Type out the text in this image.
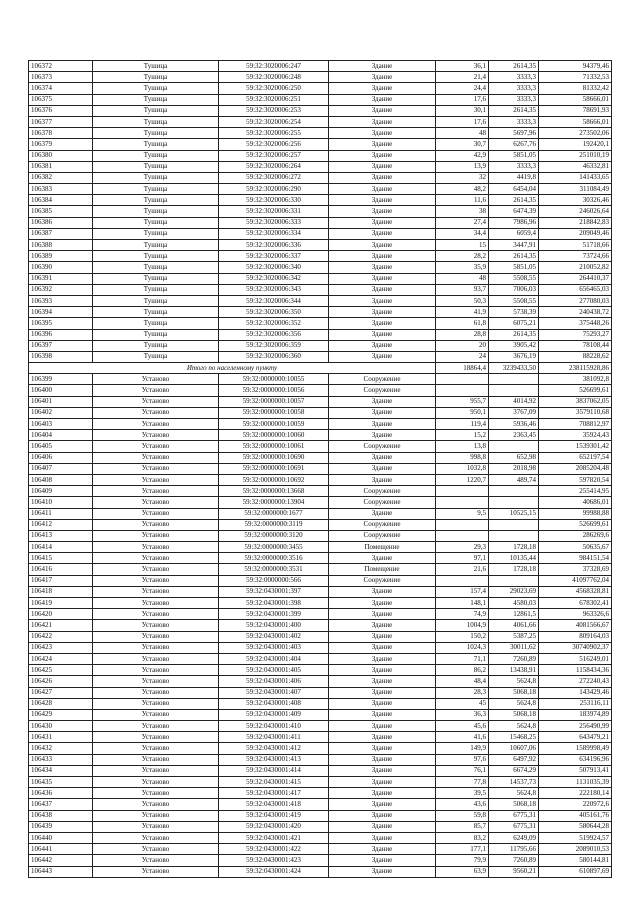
106372	Тушица	59:32:3020006:247	Здание	36,1	2614,35	94379,46
106373	Тушица	59:32:3020006:248	Здание	21,4	3333,3	71332,53
106374	Тушица	59:32:3020006:250	Здание	24,4	3333,3	81332,42
106375	Тушица	59:32:3020006:251	Здание	17,6	3333,3	58666,01
106376	Тушица	59:32:3020006:253	Здание	30,1	2614,35	78691,93
106377	Тушица	59:32:3020006:254	Здание	17,6	3333,3	58666,01
106378	Тушица	59:32:3020006:255	Здание	48	5697,96	273502,06
106379	Тушица	59:32:3020006:256	Здание	30,7	6267,76	192420,1
106380	Тушица	59:32:3020006:257	Здание	42,9	5851,05	251010,19
106381	Тушица	59:32:3020006:264	Здание	13,9	3333,3	46332,81
106382	Тушица	59:32:3020006:272	Здание	32	4419,8	141433,65
106383	Тушица	59:32:3020006:290	Здание	48,2	6454,04	311084,49
106384	Тушица	59:32:3020006:330	Здание	11,6	2614,35	30326,46
106385	Тушица	59:32:3020006:331	Здание	38	6474,39	246026,64
106386	Тушица	59:32:3020006:333	Здание	27,4	7986,96	218842,83
106387	Тушица	59:32:3020006:334	Здание	34,4	6059,4	209049,46
106388	Тушица	59:32:3020006:336	Здание	15	3447,91	51718,66
106389	Тушица	59:32:3020006:337	Здание	28,2	2614,35	73724,66
106390	Тушица	59:32:3020006:340	Здание	35,9	5851,05	210052,82
106391	Тушица	59:32:3020006:342	Здание	48	5508,55	264410,37
106392	Тушица	59:32:3020006:343	Здание	93,7	7006,03	656465,03
106393	Тушица	59:32:3020006:344	Здание	50,3	5508,55	277080,03
106394	Тушица	59:32:3020006:350	Здание	41,9	5738,39	240438,72
106395	Тушица	59:32:3020006:352	Здание	61,8	6075,21	375448,26
106396	Тушица	59:32:3020006:356	Здание	28,8	2614,35	75293,27
106397	Тушица	59:32:3020006:359	Здание	20	3905,42	78108,44
106398	Тушица	59:32:3020006:360	Здание	24	3676,19	88228,62
Итого по населенному пункту				18864,4	3239433,50	238115928,86
106399	Установо	59:32:0000000:10055	Сооружение			381092,8
106400	Установо	59:32:0000000:10056	Сооружение			526699,61
106401	Установо	59:32:0000000:10057	Здание	955,7	4014,92	3837062,05
106402	Установо	59:32:0000000:10058	Здание	950,1	3767,09	3579110,68
106403	Установо	59:32:0000000:10059	Здание	119,4	5936,46	708812,97
106404	Установо	59:32:0000000:10060	Здание	15,2	2363,45	35924,43
106405	Установо	59:32:0000000:10061	Сооружение	13,8		1539301,42
106406	Установо	59:32:0000000:10690	Здание	998,8	652,98	652197,54
106407	Установо	59:32:0000000:10691	Здание	1032,8	2018,98	2085204,48
106408	Установо	59:32:0000000:10692	Здание	1220,7	489,74	597820,54
106409	Установо	59:32:0000000:13668	Сооружение			255414,95
106410	Установо	59:32:0000000:13904	Сооружение			40686,01
106411	Установо	59:32:0000000:1677	Здание	9,5	10525,15	99988,88
106412	Установо	59:32:0000000:3119	Сооружение			526699,61
106413	Установо	59:32:0000000:3120	Сооружение			286269,6
106414	Установо	59:32:0000000:3455	Помещение	29,3	1728,18	50635,67
106415	Установо	59:32:0000000:3516	Здание	97,1	10135,44	984151,54
106416	Установо	59:32:0000000:3531	Помещение	21,6	1728,18	37328,69
106417	Установо	59:32:0000000:566	Сооружение			41097762,04
106418	Установо	59:32:0430001:397	Здание	157,4	29023,69	4568328,81
106419	Установо	59:32:0430001:398	Здание	148,1	4580,03	678302,41
106420	Установо	59:32:0430001:399	Здание	74,9	12861,5	963326,6
106421	Установо	59:32:0430001:400	Здание	1004,9	4061,66	4081566,67
106422	Установо	59:32:0430001:402	Здание	150,2	5387,25	809164,03
106423	Установо	59:32:0430001:403	Здание	1024,3	30011,62	30740902,37
106424	Установо	59:32:0430001:404	Здание	71,1	7260,89	516249,01
106425	Установо	59:32:0430001:405	Здание	86,2	13438,91	1158434,36
106426	Установо	59:32:0430001:406	Здание	48,4	5624,8	272240,43
106427	Установо	59:32:0430001:407	Здание	28,3	5068,18	143429,46
106428	Установо	59:32:0430001:408	Здание	45	5624,8	253116,11
106429	Установо	59:32:0430001:409	Здание	36,3	5068,18	183974,89
106430	Установо	59:32:0430001:410	Здание	45,6	5624,8	256490,99
106431	Установо	59:32:0430001:411	Здание	41,6	15468,25	643479,21
106432	Установо	59:32:0430001:412	Здание	149,9	10607,06	1589998,49
106433	Установо	59:32:0430001:413	Здание	97,6	6497,92	634196,96
106434	Установо	59:32:0430001:414	Здание	76,1	6674,29	507913,41
106435	Установо	59:32:0430001:415	Здание	77,8	14537,73	1131035,39
106436	Установо	59:32:0430001:417	Здание	39,5	5624,8	222180,14
106437	Установо	59:32:0430001:418	Здание	43,6	5068,18	220972,6
106438	Установо	59:32:0430001:419	Здание	59,8	6775,31	405161,76
106439	Установо	59:32:0430001:420	Здание	85,7	6775,31	580644,28
106440	Установо	59:32:0430001:421	Здание	83,2	6249,09	519924,57
106441	Установо	59:32:0430001:422	Здание	177,1	11795,66	2089010,53
106442	Установо	59:32:0430001:423	Здание	79,9	7260,89	580144,81
106443	Установо	59:32:0430001:424	Здание	63,9	9560,21	610897,69
